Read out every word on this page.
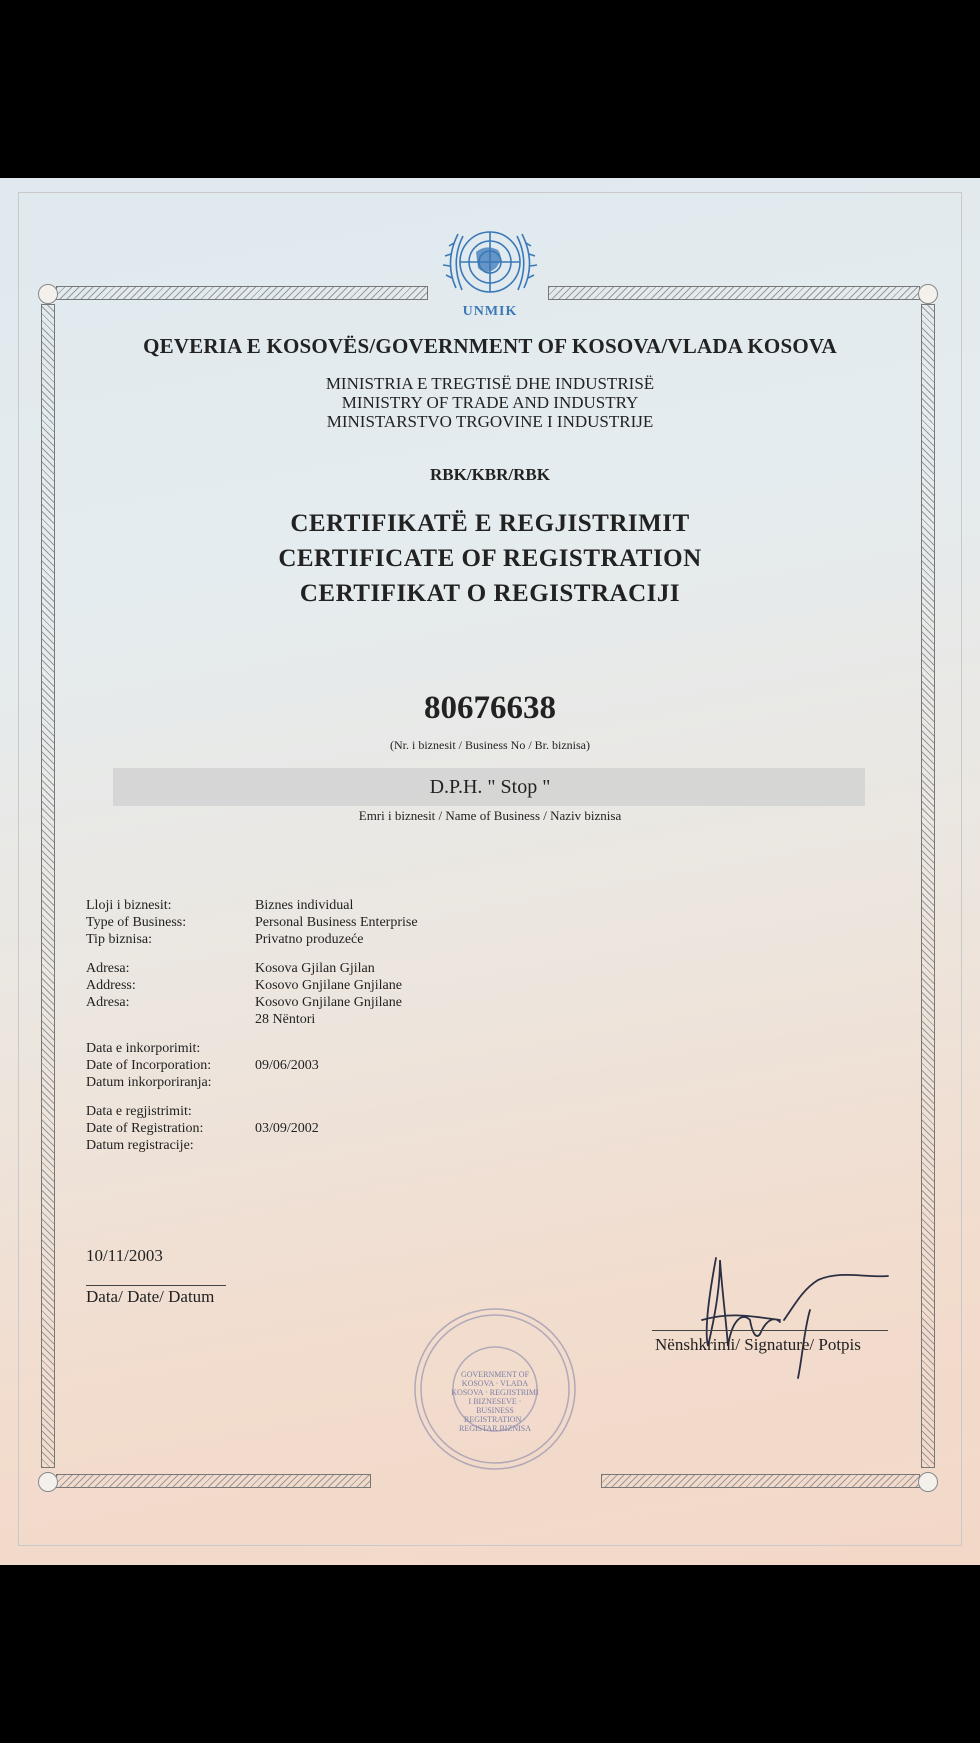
UNMIK
QEVERIA E KOSOVËS/GOVERNMENT OF KOSOVA/VLADA KOSOVA
MINISTRIA E TREGTISË DHE INDUSTRISË
MINISTRY OF TRADE AND INDUSTRY
MINISTARSTVO TRGOVINE I INDUSTRIJE
RBK/KBR/RBK
CERTIFIKATË E REGJISTRIMIT
CERTIFICATE OF REGISTRATION
CERTIFIKAT O REGISTRACIJI
80676638
(Nr. i biznesit / Business No / Br. biznisa)
D.P.H. " Stop "
Emri i biznesit / Name of Business / Naziv biznisa
Lloji i biznesit:
Type of Business:
Tip biznisa:
Biznes individual
Personal Business Enterprise
Privatno produzeće
Adresa:
Address:
Adresa:
Kosova Gjilan Gjilan
Kosovo Gnjilane Gnjilane
Kosovo Gnjilane Gnjilane
28 Nëntori
Data e inkorporimit:
Date of Incorporation:
Datum inkorporiranja:
09/06/2003
Data e regjistrimit:
Date of Registration:
Datum registracije:
03/09/2002
10/11/2003
Data/ Date/ Datum
GOVERNMENT OF KOSOVA · VLADA KOSOVA · REGJISTRIMI I BIZNESEVE · BUSINESS REGISTRATION · REGISTAR BIZNISA
Nënshkrimi/ Signature/ Potpis
